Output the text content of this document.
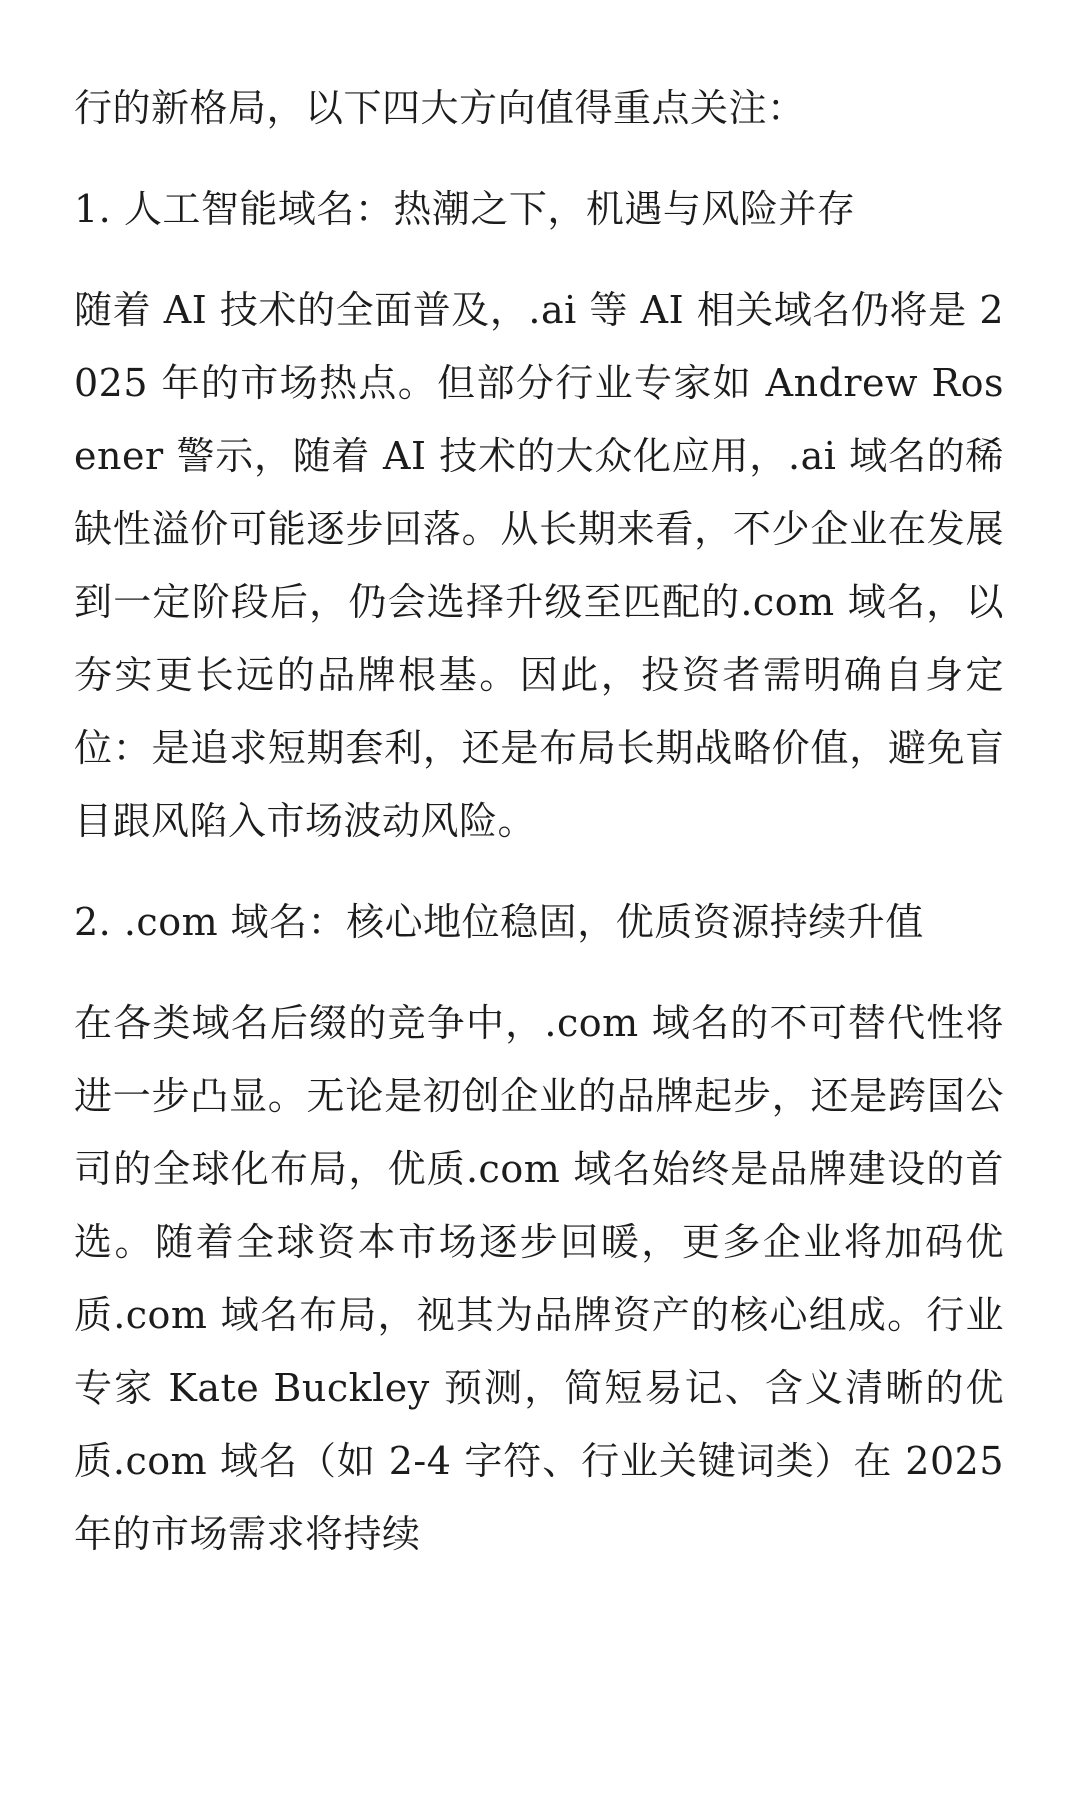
行的新格局，以下四大方向值得重点关注：

1. 人工智能域名：热潮之下，机遇与风险并存

随着 AI 技术的全面普及，.ai 等 AI 相关域名仍将是 2025 年的市场热点。但部分行业专家如 Andrew Rosener 警示，随着 AI 技术的大众化应用，.ai 域名的稀缺性溢价可能逐步回落。从长期来看，不少企业在发展到一定阶段后，仍会选择升级至匹配的.com 域名，以夯实更长远的品牌根基。因此，投资者需明确自身定位：是追求短期套利，还是布局长期战略价值，避免盲目跟风陷入市场波动风险。

2. .com 域名：核心地位稳固，优质资源持续升值

在各类域名后缀的竞争中，.com 域名的不可替代性将进一步凸显。无论是初创企业的品牌起步，还是跨国公司的全球化布局，优质.com 域名始终是品牌建设的首选。随着全球资本市场逐步回暖，更多企业将加码优质.com 域名布局，视其为品牌资产的核心组成。行业专家 Kate Buckley 预测，简短易记、含义清晰的优质.com 域名（如 2-4 字符、行业关键词类）在 2025 年的市场需求将持续
